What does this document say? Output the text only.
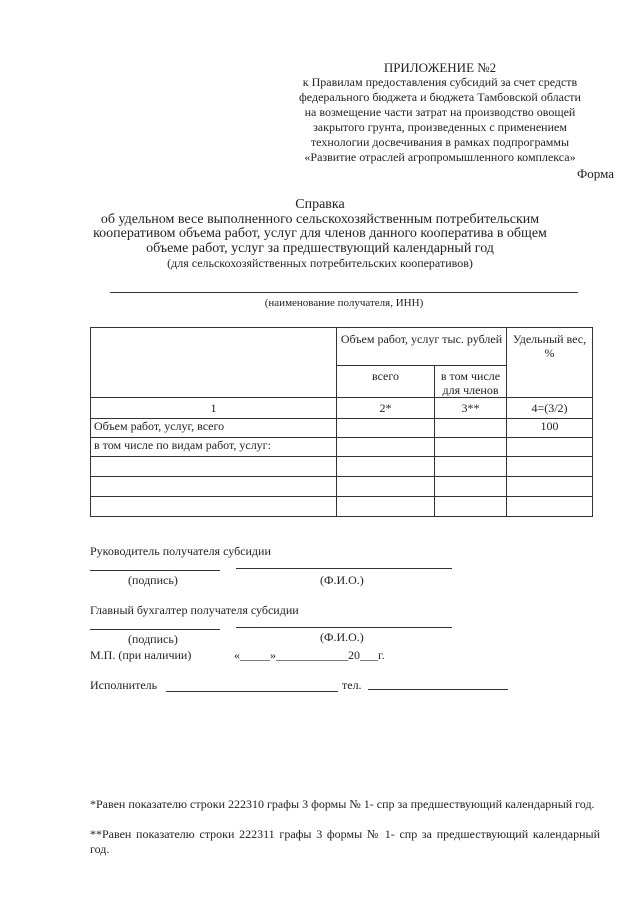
ПРИЛОЖЕНИЕ №2
к Правилам предоставления субсидий за счет средств
федерального бюджета и бюджета Тамбовской области
на возмещение части затрат на производство овощей
закрытого грунта, произведенных с применением
технологии досвечивания в рамках подпрограммы
«Развитие отраслей агропромышленного комплекса»
Форма
Справка
об удельном весе выполненного сельскохозяйственным потребительским
кооперативом объема работ, услуг для членов данного кооператива в общем
объеме работ, услуг за предшествующий календарный год
(для сельскохозяйственных потребительских кооперативов)
(наименование получателя, ИНН)
	Объем работ, услуг тыс. рублей		Удельный вес, %
	всего	в том числе для членов	
1	2*	3**	4=(3/2)
Объем работ, услуг, всего			100
в том числе по видам работ, услуг:			

Руководитель получателя субсидии
(подпись)	(Ф.И.О.)
Главный бухгалтер получателя субсидии
(подпись)	(Ф.И.О.)
М.П. (при наличии)	«_____»____________20___г.
Исполнитель	тел.
*Равен показателю строки 222310 графы 3 формы № 1- спр за предшествующий календарный год.
**Равен показателю строки 222311 графы 3 формы № 1- спр за предшествующий календарный год.
